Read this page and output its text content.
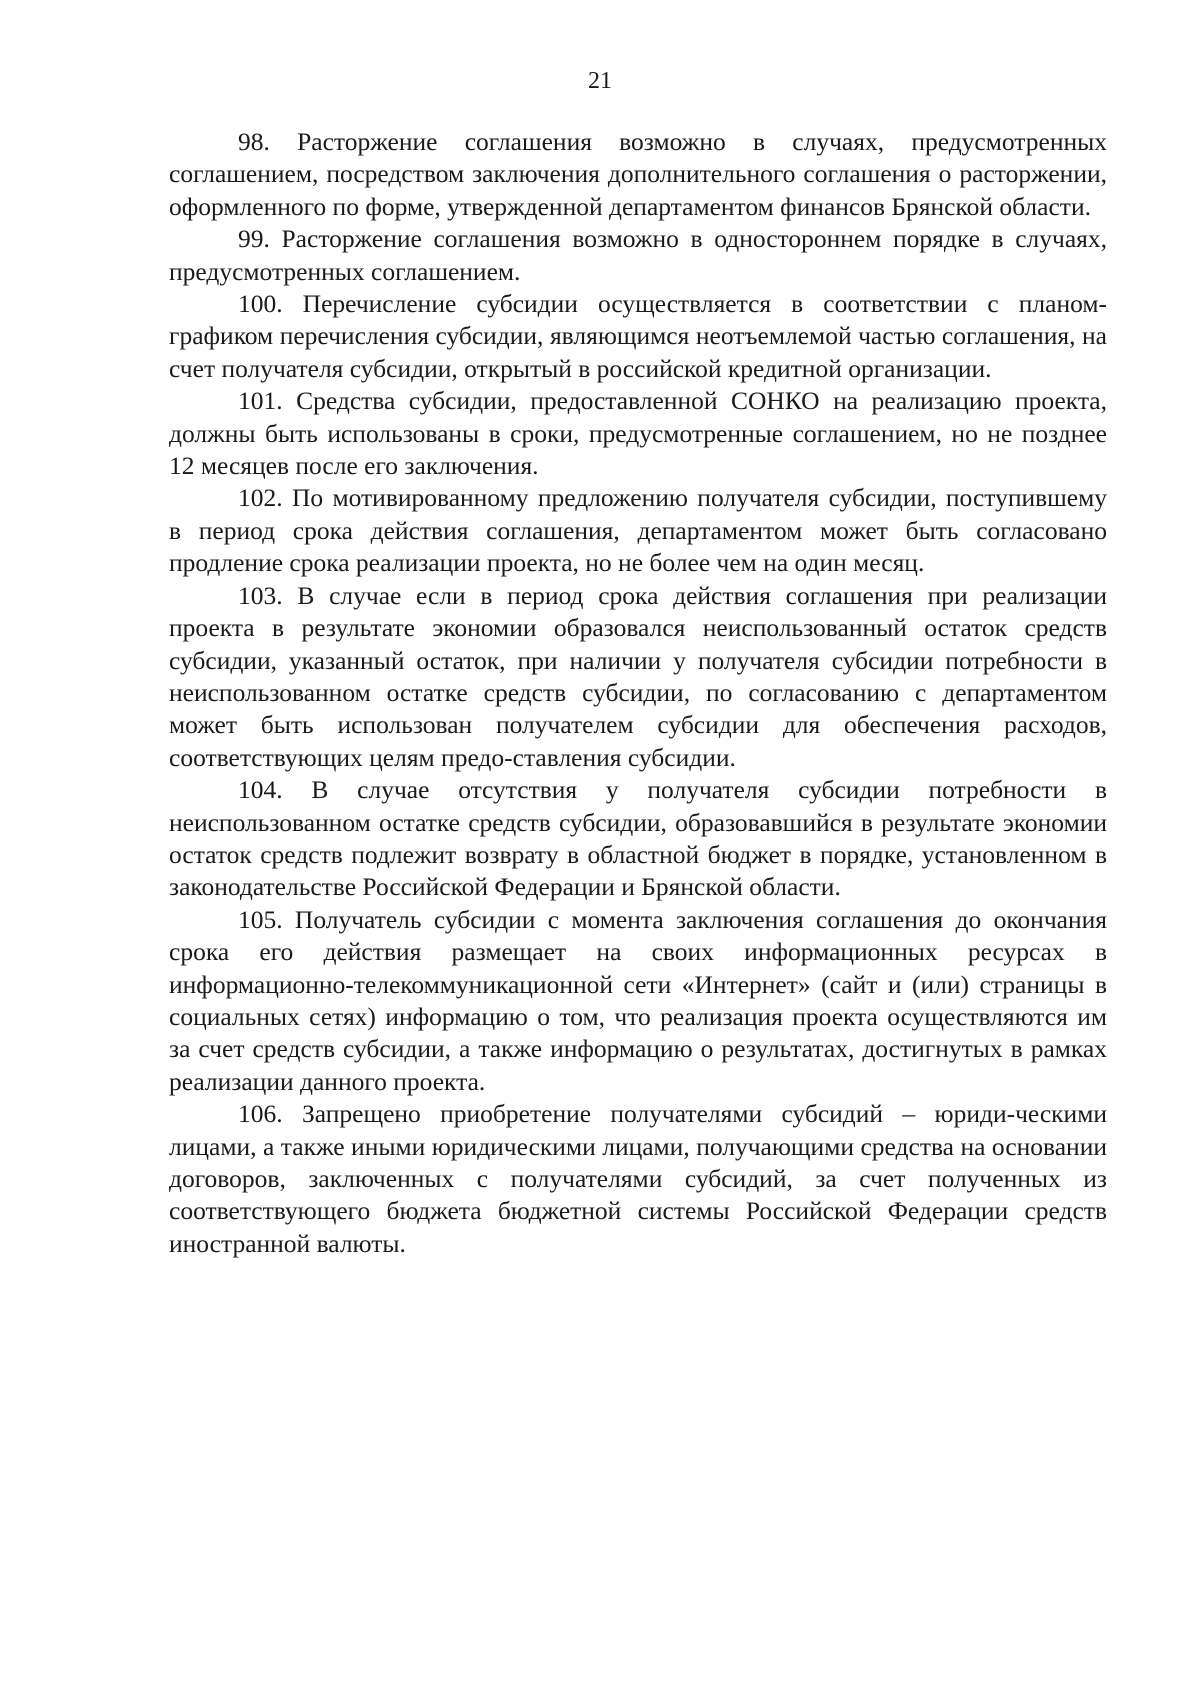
21

98. Расторжение соглашения возможно в случаях, предусмотренных соглашением, посредством заключения дополнительного соглашения о расторжении, оформленного по форме, утвержденной департаментом финансов Брянской области.

99. Расторжение соглашения возможно в одностороннем порядке в случаях, предусмотренных соглашением.

100. Перечисление субсидии осуществляется в соответствии с планом-графиком перечисления субсидии, являющимся неотъемлемой частью соглашения, на счет получателя субсидии, открытый в российской кредитной организации.

101. Средства субсидии, предоставленной СОНКО на реализацию проекта, должны быть использованы в сроки, предусмотренные соглашением, но не позднее 12 месяцев после его заключения.

102. По мотивированному предложению получателя субсидии, поступившему в период срока действия соглашения, департаментом может быть согласовано продление срока реализации проекта, но не более чем на один месяц.

103. В случае если в период срока действия соглашения при реализации проекта в результате экономии образовался неиспользованный остаток средств субсидии, указанный остаток, при наличии у получателя субсидии потребности в неиспользованном остатке средств субсидии, по согласованию с департаментом может быть использован получателем субсидии для обеспечения расходов, соответствующих целям предо-ставления субсидии.

104. В случае отсутствия у получателя субсидии потребности в неиспользованном остатке средств субсидии, образовавшийся в результате экономии остаток средств подлежит возврату в областной бюджет в порядке, установленном в законодательстве Российской Федерации и Брянской области.

105. Получатель субсидии с момента заключения соглашения до окончания срока его действия размещает на своих информационных ресурсах в информационно-телекоммуникационной сети «Интернет» (сайт и (или) страницы в социальных сетях) информацию о том, что реализация проекта осуществляются им за счет средств субсидии, а также информацию о результатах, достигнутых в рамках реализации данного проекта.

106. Запрещено приобретение получателями субсидий – юриди-ческими лицами, а также иными юридическими лицами, получающими средства на основании договоров, заключенных с получателями субсидий, за счет полученных из соответствующего бюджета бюджетной системы Российской Федерации средств иностранной валюты.
